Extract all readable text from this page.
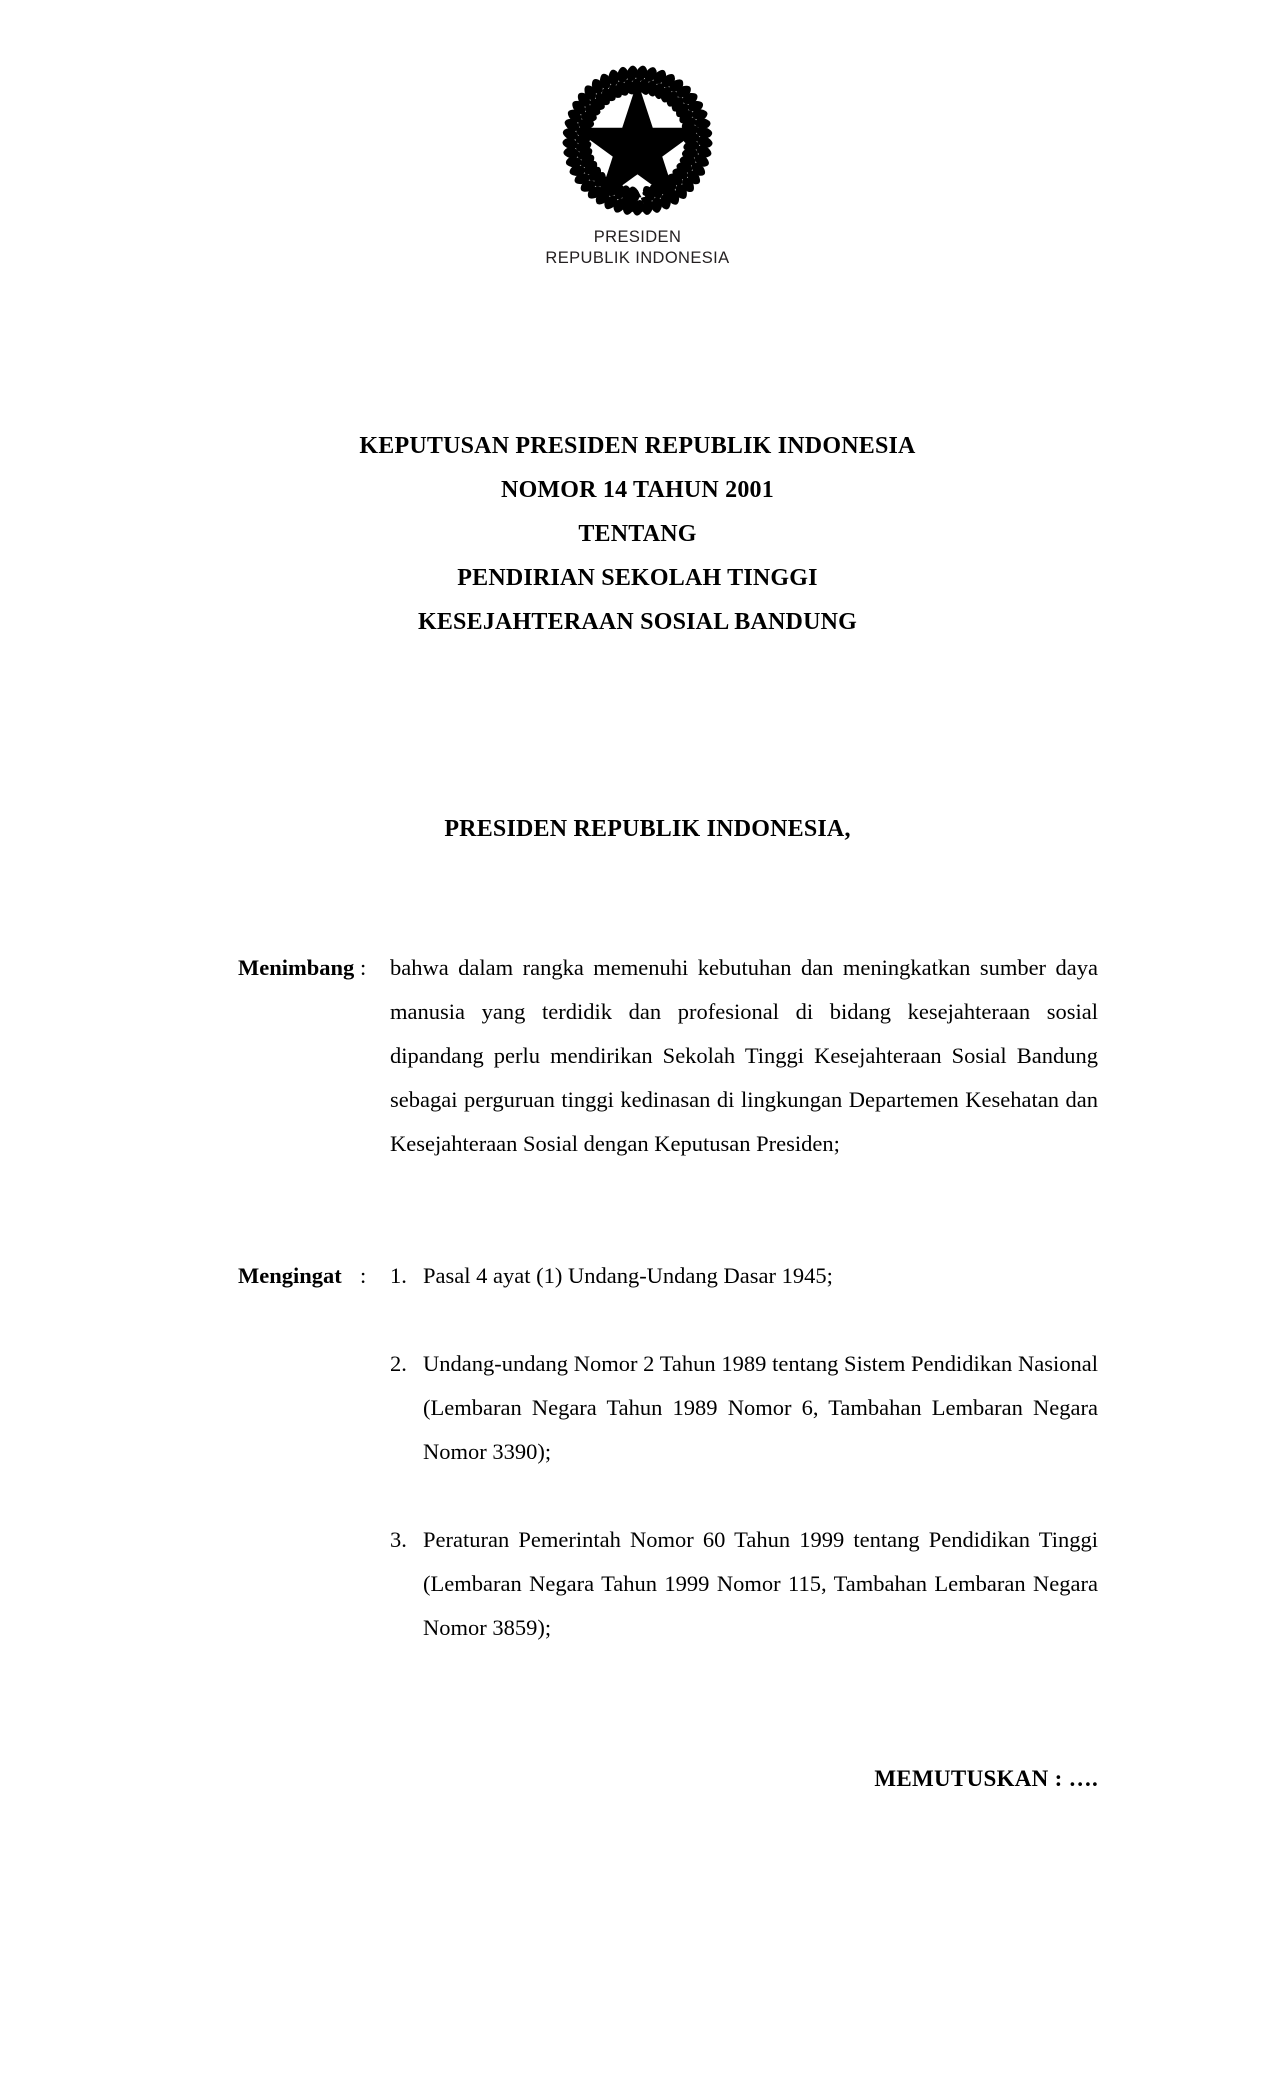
PRESIDEN
REPUBLIK INDONESIA
KEPUTUSAN PRESIDEN REPUBLIK INDONESIA
NOMOR 14 TAHUN 2001
TENTANG
PENDIRIAN SEKOLAH TINGGI
KESEJAHTERAAN SOSIAL BANDUNG
PRESIDEN REPUBLIK INDONESIA,
Menimbang :	bahwa dalam rangka memenuhi kebutuhan dan meningkatkan sumber daya manusia yang terdidik dan profesional di bidang kesejahteraan sosial dipandang perlu mendirikan Sekolah Tinggi Kesejahteraan Sosial Bandung sebagai perguruan tinggi kedinasan di lingkungan Departemen Kesehatan dan Kesejahteraan Sosial dengan Keputusan Presiden;
Mengingat :	1. Pasal 4 ayat (1) Undang-Undang Dasar 1945;
2. Undang-undang Nomor 2 Tahun 1989 tentang Sistem Pendidikan Nasional (Lembaran Negara Tahun 1989 Nomor 6, Tambahan Lembaran Negara Nomor 3390);
3. Peraturan Pemerintah Nomor 60 Tahun 1999 tentang Pendidikan Tinggi (Lembaran Negara Tahun 1999 Nomor 115, Tambahan Lembaran Negara Nomor 3859);
MEMUTUSKAN : ….
